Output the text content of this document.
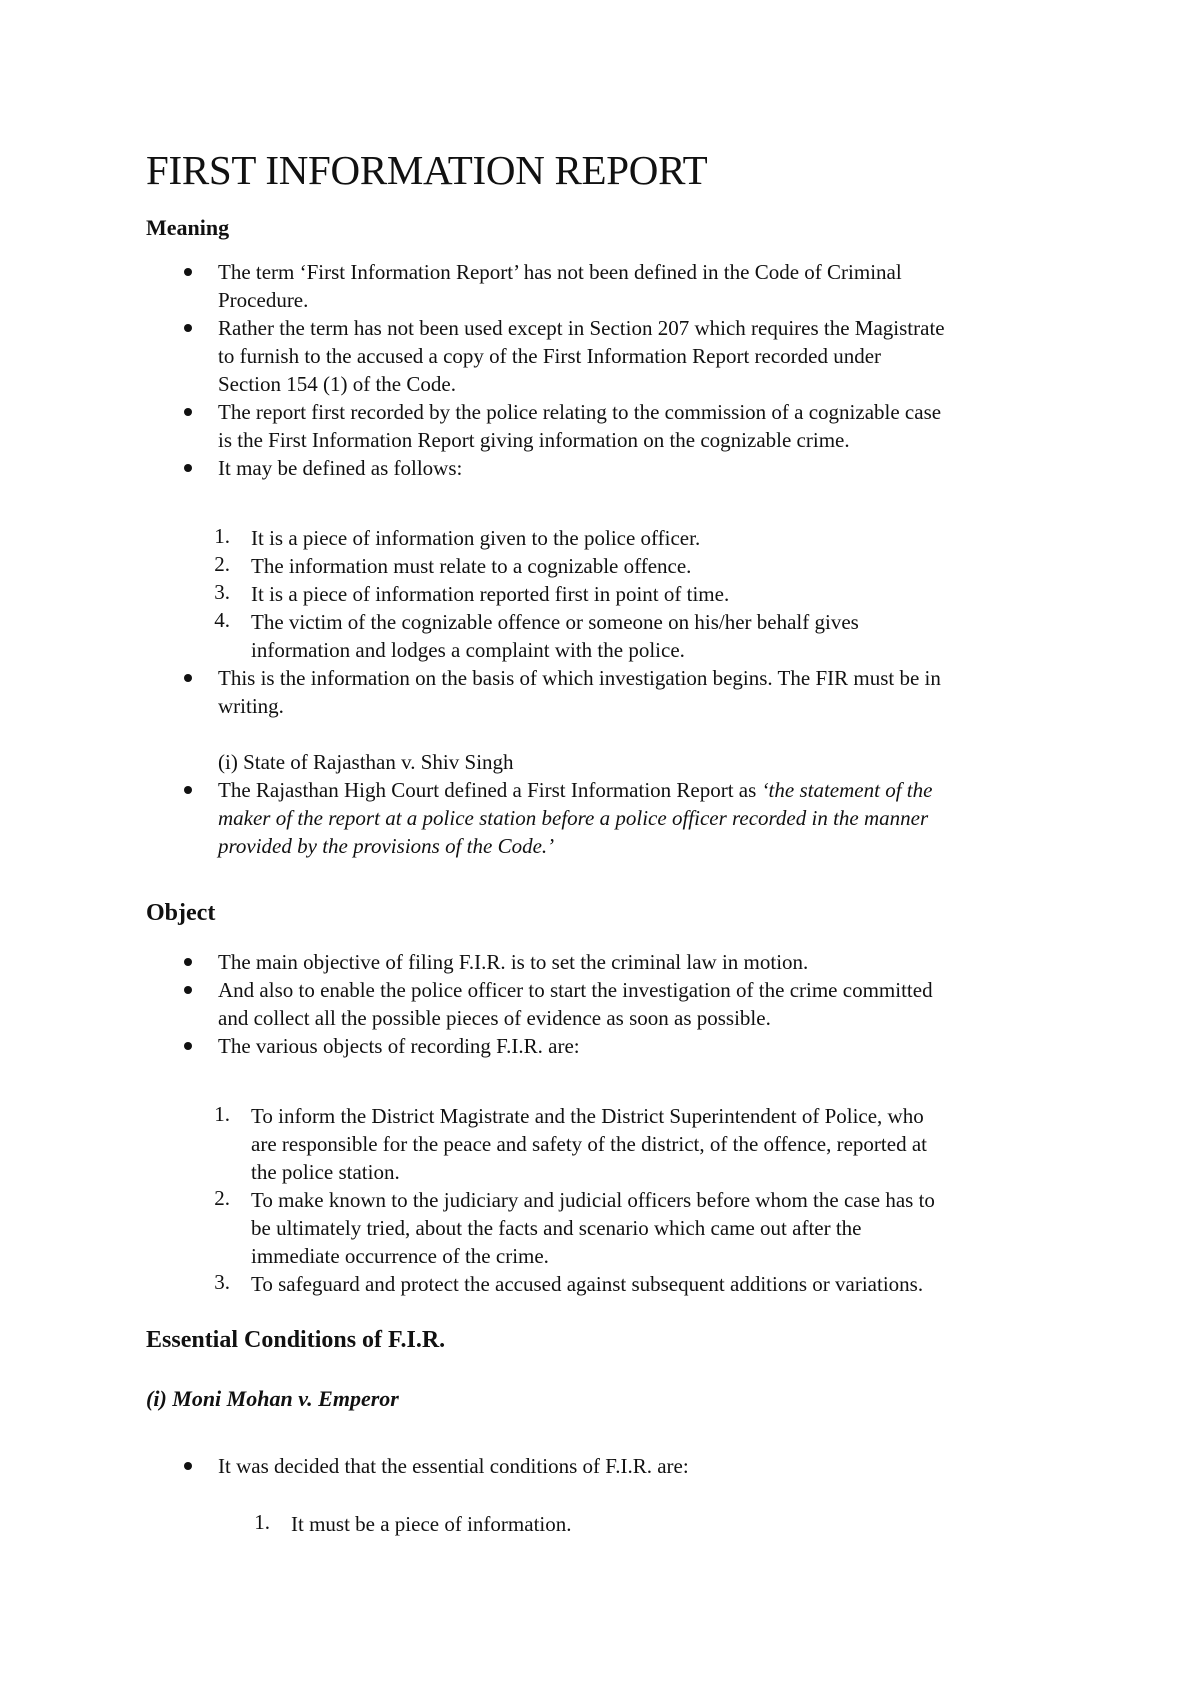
FIRST INFORMATION REPORT
Meaning
The term ‘First Information Report’ has not been defined in the Code of Criminal
Procedure.
Rather the term has not been used except in Section 207 which requires the Magistrate
to furnish to the accused a copy of the First Information Report recorded under
Section 154 (1) of the Code.
The report first recorded by the police relating to the commission of a cognizable case
is the First Information Report giving information on the cognizable crime.
It may be defined as follows:
1. It is a piece of information given to the police officer.
2. The information must relate to a cognizable offence.
3. It is a piece of information reported first in point of time.
4. The victim of the cognizable offence or someone on his/her behalf gives
information and lodges a complaint with the police.
This is the information on the basis of which investigation begins. The FIR must be in
writing.
(i) State of Rajasthan v. Shiv Singh
The Rajasthan High Court defined a First Information Report as ‘the statement of the
maker of the report at a police station before a police officer recorded in the manner
provided by the provisions of the Code.’
Object
The main objective of filing F.I.R. is to set the criminal law in motion.
And also to enable the police officer to start the investigation of the crime committed
and collect all the possible pieces of evidence as soon as possible.
The various objects of recording F.I.R. are:
1. To inform the District Magistrate and the District Superintendent of Police, who
are responsible for the peace and safety of the district, of the offence, reported at
the police station.
2. To make known to the judiciary and judicial officers before whom the case has to
be ultimately tried, about the facts and scenario which came out after the
immediate occurrence of the crime.
3. To safeguard and protect the accused against subsequent additions or variations.
Essential Conditions of F.I.R.
(i) Moni Mohan v. Emperor
It was decided that the essential conditions of F.I.R. are:
1. It must be a piece of information.
